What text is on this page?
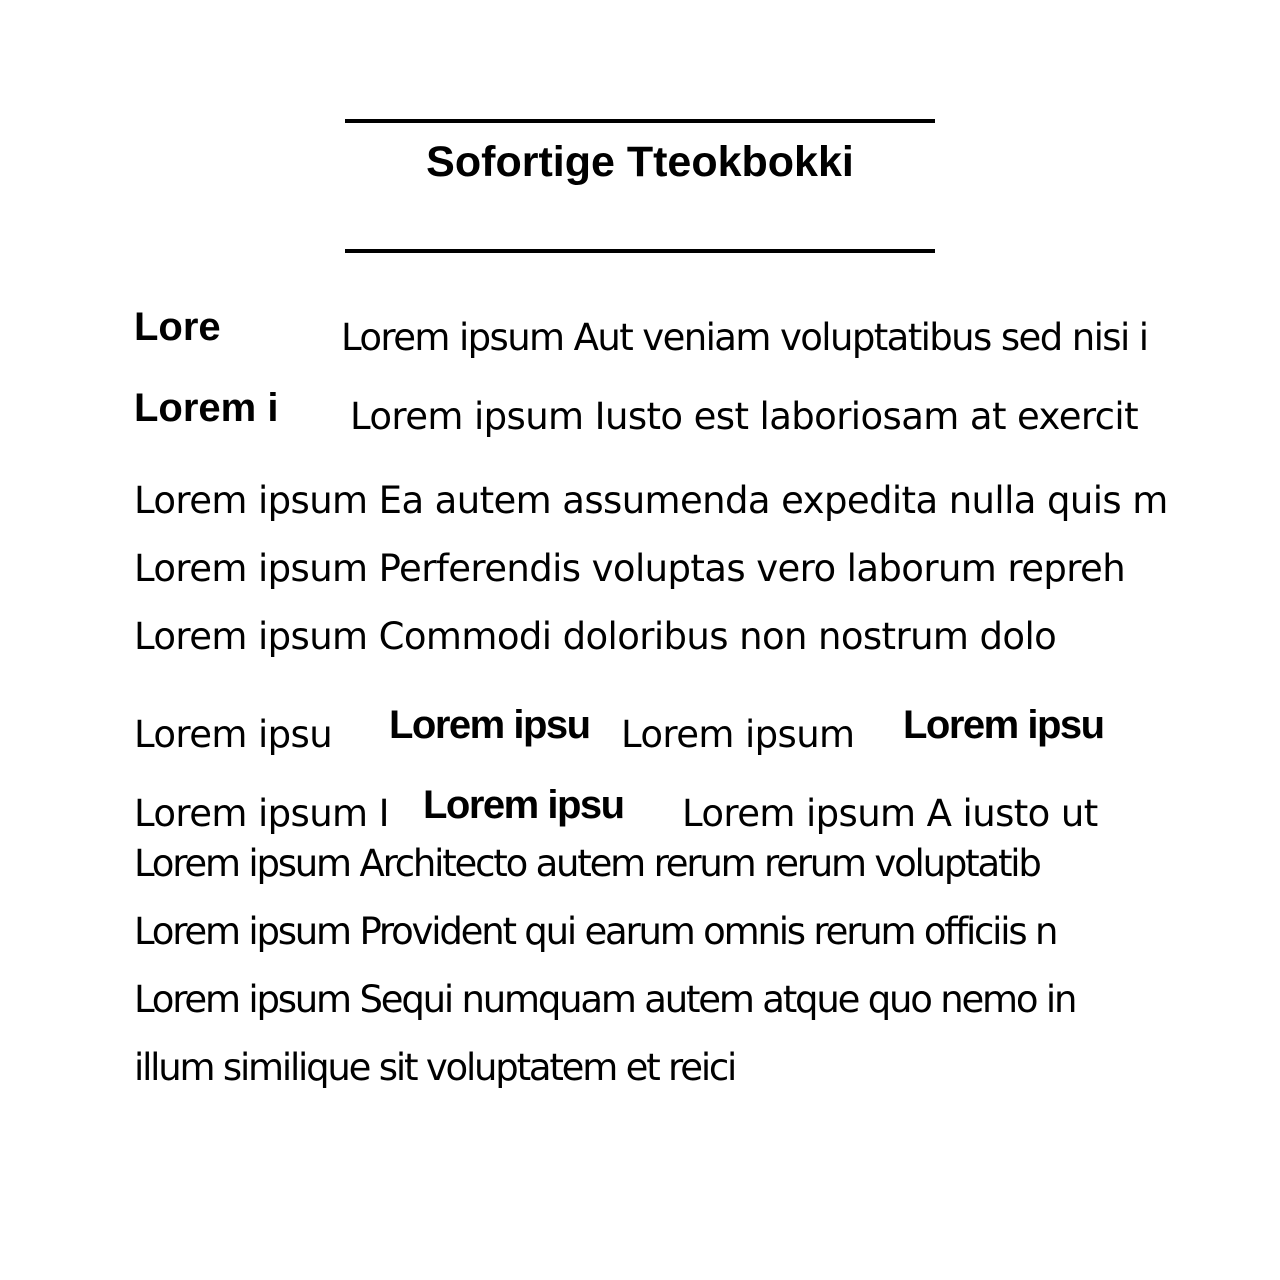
Sofortige Tteokbokki
Lore	Lorem ipsum Aut veniam voluptatibus sed nisi i
Lorem i Lorem ipsum Iusto est laboriosam at exercit
Lorem ipsum Ea autem assumenda expedita nulla quis m
Lorem ipsum Perferendis voluptas vero laborum repreh
Lorem ipsum Commodi doloribus non nostrum dolo
Lorem ipsu Lorem ipsu Lorem ipsum Lorem ipsu
Lorem ipsum I Lorem ipsu Lorem ipsum A iusto ut
Lorem ipsum Architecto autem rerum rerum voluptatib
Lorem ipsum Provident qui earum omnis rerum officiis n
Lorem ipsum Sequi numquam autem atque quo nemo in
illum similique sit voluptatem et reici
